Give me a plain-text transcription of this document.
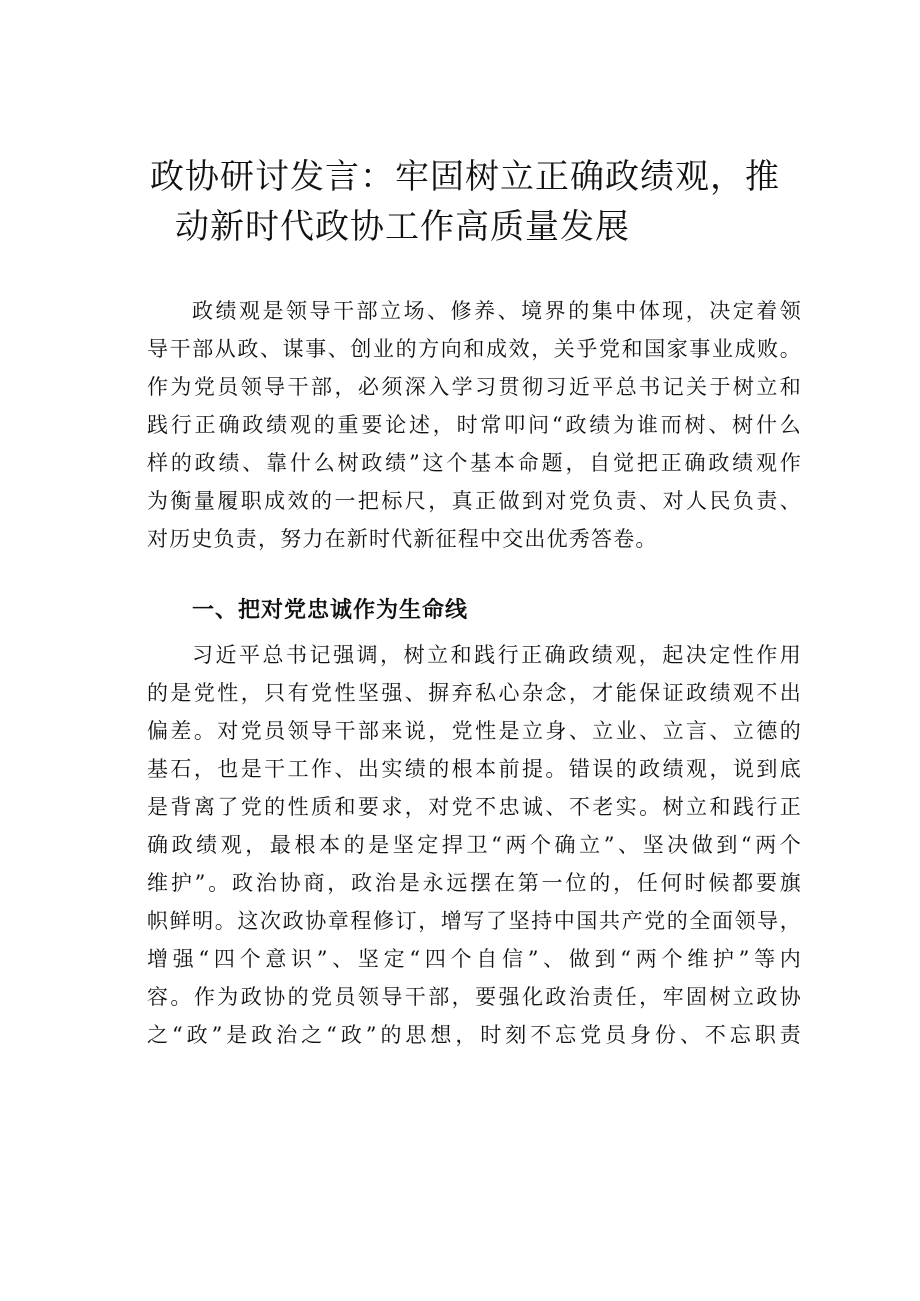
政协研讨发言：牢固树立正确政绩观，推
动新时代政协工作高质量发展
政绩观是领导干部立场、修养、境界的集中体现，决定着领
导干部从政、谋事、创业的方向和成效，关乎党和国家事业成败。
作为党员领导干部，必须深入学习贯彻习近平总书记关于树立和
践行正确政绩观的重要论述，时常叩问“政绩为谁而树、树什么
样的政绩、靠什么树政绩”这个基本命题，自觉把正确政绩观作
为衡量履职成效的一把标尺，真正做到对党负责、对人民负责、
对历史负责，努力在新时代新征程中交出优秀答卷。
一、把对党忠诚作为生命线
习近平总书记强调，树立和践行正确政绩观，起决定性作用
的是党性，只有党性坚强、摒弃私心杂念，才能保证政绩观不出
偏差。对党员领导干部来说，党性是立身、立业、立言、立德的
基石，也是干工作、出实绩的根本前提。错误的政绩观，说到底
是背离了党的性质和要求，对党不忠诚、不老实。树立和践行正
确政绩观，最根本的是坚定捍卫“两个确立”、坚决做到“两个
维护”。政治协商，政治是永远摆在第一位的，任何时候都要旗
帜鲜明。这次政协章程修订，增写了坚持中国共产党的全面领导，
增强“四个意识”、坚定“四个自信”、做到“两个维护”等内
容。作为政协的党员领导干部，要强化政治责任，牢固树立政协
之“政”是政治之“政”的思想，时刻不忘党员身份、不忘职责
